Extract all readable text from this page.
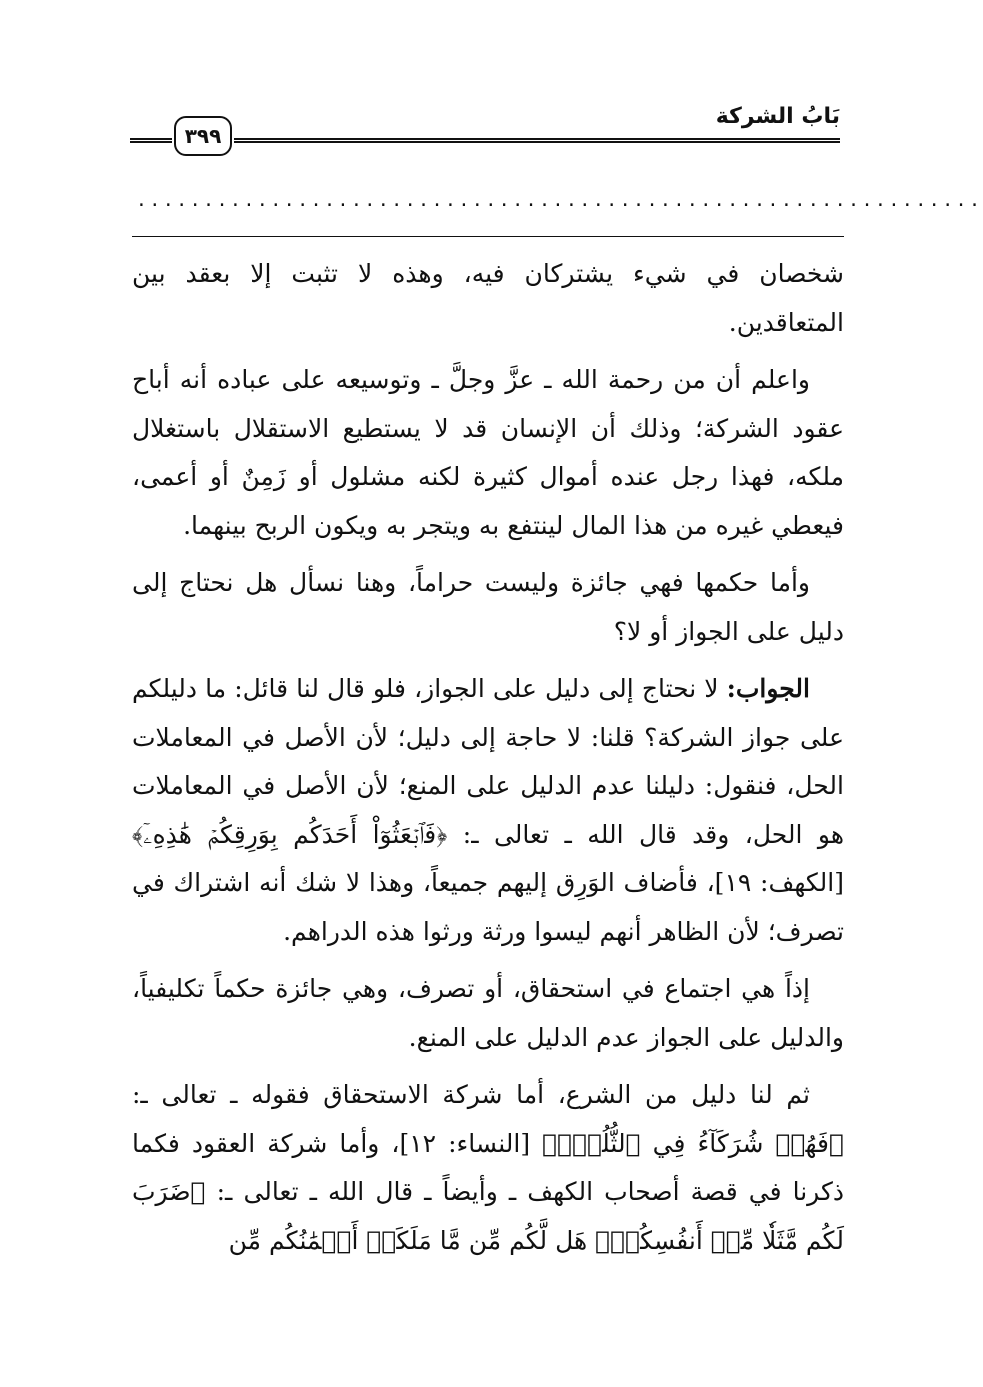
بَابُ الشركة
٣٩٩
...............................................................

شخصان في شيء يشتركان فيه، وهذه لا تثبت إلا بعقد بين المتعاقدين.

واعلم أن من رحمة الله ـ عزَّ وجلَّ ـ وتوسيعه على عباده أنه أباح عقود الشركة؛ وذلك أن الإنسان قد لا يستطيع الاستقلال باستغلال ملكه، فهذا رجل عنده أموال كثيرة لكنه مشلول أو زَمِنٌ أو أعمى، فيعطي غيره من هذا المال لينتفع به ويتجر به ويكون الربح بينهما.

وأما حكمها فهي جائزة وليست حراماً، وهنا نسأل هل نحتاج إلى دليل على الجواز أو لا؟

الجواب: لا نحتاج إلى دليل على الجواز، فلو قال لنا قائل: ما دليلكم على جواز الشركة؟ قلنا: لا حاجة إلى دليل؛ لأن الأصل في المعاملات الحل، فنقول: دليلنا عدم الدليل على المنع؛ لأن الأصل في المعاملات هو الحل، وقد قال الله ـ تعالى ـ: ﴿فَٱبۡعَثُوٓاْ أَحَدَكُم بِوَرِقِكُمۡ هَٰذِهِۦٓ﴾ [الكهف: ١٩]، فأضاف الوَرِق إليهم جميعاً، وهذا لا شك أنه اشتراك في تصرف؛ لأن الظاهر أنهم ليسوا ورثة ورثوا هذه الدراهم.

إذاً هي اجتماع في استحقاق، أو تصرف، وهي جائزة حكماً تكليفياً، والدليل على الجواز عدم الدليل على المنع.

ثم لنا دليل من الشرع، أما شركة الاستحقاق فقوله ـ تعالى ـ: ﴿فَهُمۡ شُرَكَآءُ فِي ٱلثُّلُثِۚ﴾ [النساء: ١٢]، وأما شركة العقود فكما ذكرنا في قصة أصحاب الكهف ـ وأيضاً ـ قال الله ـ تعالى ـ: ﴿ضَرَبَ لَكُم مَّثَلٗا مِّنۡ أَنفُسِكُمۡۖ هَل لَّكُم مِّن مَّا مَلَكَتۡ أَيۡمَٰنُكُم مِّن
